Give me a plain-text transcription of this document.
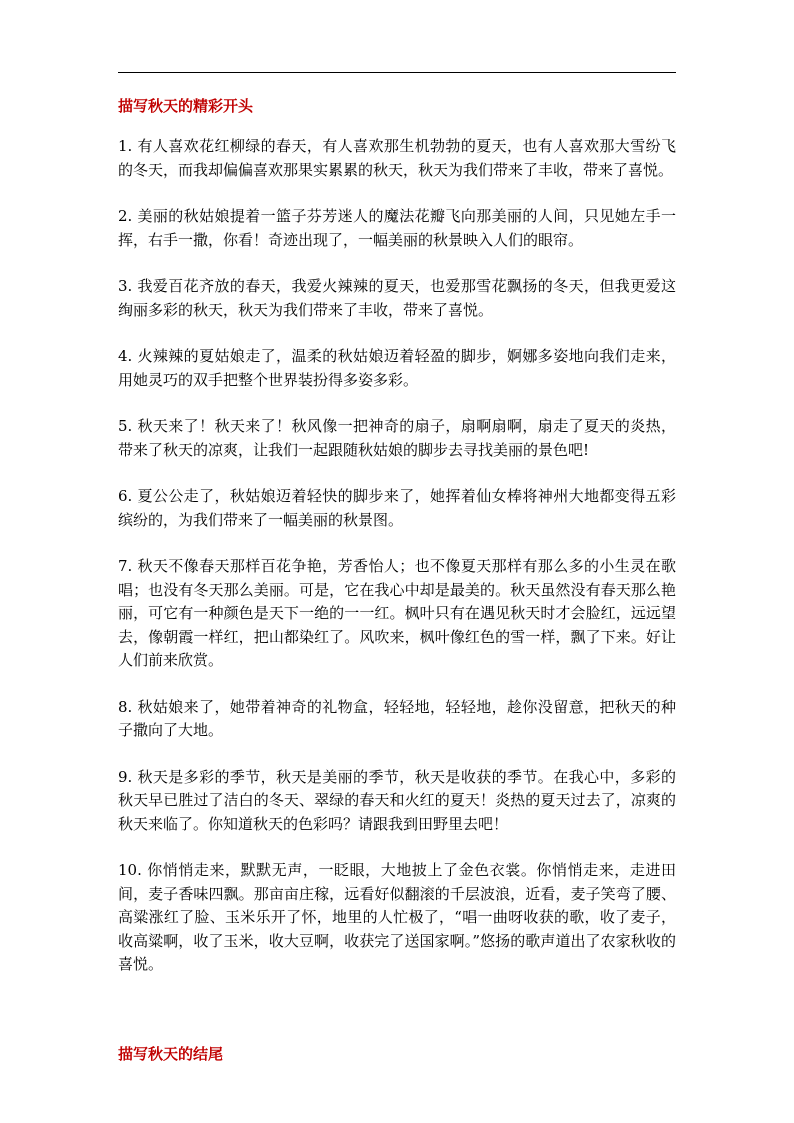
描写秋天的精彩开头

1. 有人喜欢花红柳绿的春天，有人喜欢那生机勃勃的夏天，也有人喜欢那大雪纷飞的冬天，而我却偏偏喜欢那果实累累的秋天，秋天为我们带来了丰收，带来了喜悦。

2. 美丽的秋姑娘提着一篮子芬芳迷人的魔法花瓣飞向那美丽的人间，只见她左手一挥，右手一撒，你看！奇迹出现了，一幅美丽的秋景映入人们的眼帘。

3. 我爱百花齐放的春天，我爱火辣辣的夏天，也爱那雪花飘扬的冬天，但我更爱这绚丽多彩的秋天，秋天为我们带来了丰收，带来了喜悦。

4. 火辣辣的夏姑娘走了，温柔的秋姑娘迈着轻盈的脚步，婀娜多姿地向我们走来，用她灵巧的双手把整个世界装扮得多姿多彩。

5. 秋天来了！秋天来了！秋风像一把神奇的扇子，扇啊扇啊，扇走了夏天的炎热，带来了秋天的凉爽，让我们一起跟随秋姑娘的脚步去寻找美丽的景色吧!

6. 夏公公走了，秋姑娘迈着轻快的脚步来了，她挥着仙女棒将神州大地都变得五彩缤纷的，为我们带来了一幅美丽的秋景图。

7. 秋天不像春天那样百花争艳，芳香怡人；也不像夏天那样有那么多的小生灵在歌唱；也没有冬天那么美丽。可是，它在我心中却是最美的。秋天虽然没有春天那么艳丽，可它有一种颜色是天下一绝的一一红。枫叶只有在遇见秋天时才会脸红，远远望去，像朝霞一样红，把山都染红了。风吹来，枫叶像红色的雪一样，飘了下来。好让人们前来欣赏。

8. 秋姑娘来了，她带着神奇的礼物盒，轻轻地，轻轻地，趁你没留意，把秋天的种子撒向了大地。

9. 秋天是多彩的季节，秋天是美丽的季节，秋天是收获的季节。在我心中，多彩的秋天早已胜过了洁白的冬天、翠绿的春天和火红的夏天！炎热的夏天过去了，凉爽的秋天来临了。你知道秋天的色彩吗？请跟我到田野里去吧！

10. 你悄悄走来，默默无声，一眨眼，大地披上了金色衣裳。你悄悄走来，走进田间，麦子香味四飘。那亩亩庄稼，远看好似翻滚的千层波浪，近看，麦子笑弯了腰、高粱涨红了脸、玉米乐开了怀，地里的人忙极了，“唱一曲呀收获的歌，收了麦子，收高粱啊，收了玉米，收大豆啊，收获完了送国家啊。”悠扬的歌声道出了农家秋收的喜悦。

描写秋天的结尾
